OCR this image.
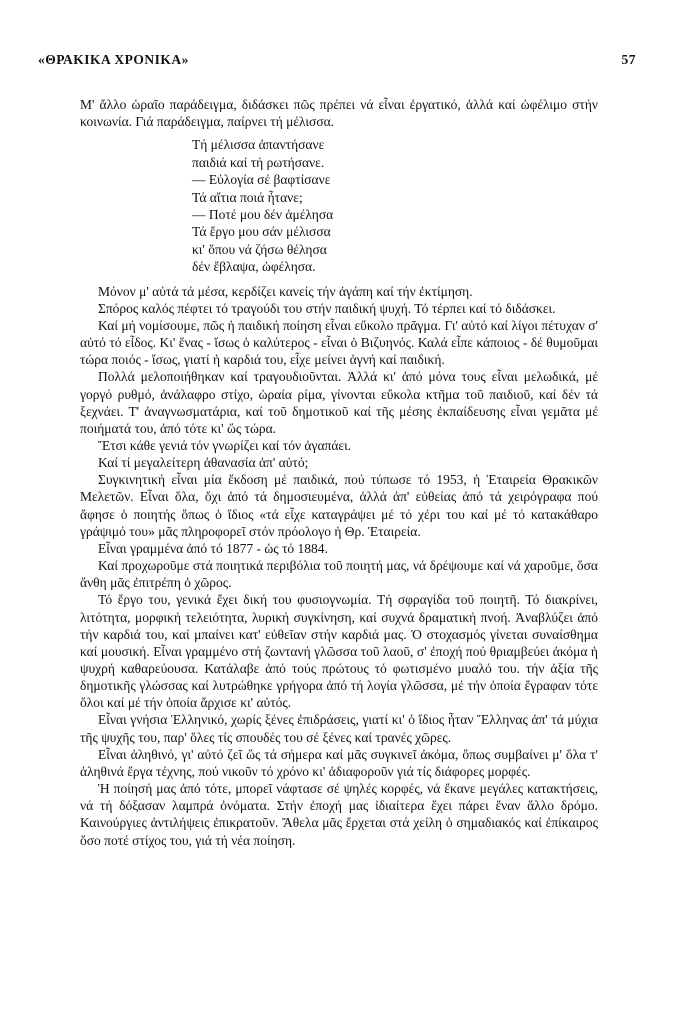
«ΘΡΑΚΙΚΑ ΧΡΟΝΙΚΑ»	57

Μ' ἄλλο ὡραῖο παράδειγμα, διδάσκει πῶς πρέπει νά εἶναι ἐργατικό, ἀλλά καί ὠφέλιμο στήν κοινωνία. Γιά παράδειγμα, παίρνει τή μέλισσα.

Τή μέλισσα ἀπαντήσανε
παιδιά καί τή ρωτήσανε.
— Εὐλογία σέ βαφτίσανε
Τά αἴτια ποιά ἦτανε;
— Ποτέ μου δέν ἀμέλησα
Τά ἔργο μου σάν μέλισσα
κι' ὅπου νά ζήσω θέλησα
δέν ἔβλαψα, ὠφέλησα.

Μόνον μ' αὐτά τά μέσα, κερδίζει κανείς τήν ἀγάπη καί τήν ἐκτίμηση.

Σπόρος καλός πέφτει τό τραγούδι του στήν παιδική ψυχή. Τό τέρπει καί τό διδάσκει.

Καί μή νομίσουμε, πῶς ἡ παιδική ποίηση εἶναι εὔκολο πρᾶγμα. Γι' αὐτό καί λίγοι πέτυχαν σ' αὐτό τό εἶδος. Κι' ἕνας - ἴσως ὁ καλύτερος - εἶναι ὁ Βιζυηνός. Καλά εἶπε κάποιος - δέ θυμοῦμαι τώρα ποιός - ἴσως, γιατί ἡ καρδιά του, εἶχε μείνει ἁγνή καί παιδική.

Πολλά μελοποιήθηκαν καί τραγουδιοῦνται. Ἀλλά κι' ἀπό μόνα τους εἶναι μελωδικά, μέ γοργό ρυθμό, ἀνάλαφρο στίχο, ὡραία ρίμα, γίνονται εὔκολα κτῆμα τοῦ παιδιοῦ, καί δέν τά ξεχνάει. Τ' ἀναγνωσματάρια, καί τοῦ δημοτικοῦ καί τῆς μέσης ἐκπαίδευσης εἶναι γεμᾶτα μέ ποιήματά του, ἀπό τότε κι' ὥς τώρα.

Ἔτσι κάθε γενιά τόν γνωρίζει καί τόν ἀγαπάει.

Καί τί μεγαλείτερη ἀθανασία ἀπ' αὐτό;

Συγκινητική εἶναι μία ἔκδοση μέ παιδικά, πού τύπωσε τό 1953, ἡ Ἑταιρεία Θρακικῶν Μελετῶν. Εἶναι ὅλα, ὄχι ἀπό τά δημοσιευμένα, ἀλλά ἀπ' εὐθείας ἀπό τά χειρόγραφα πού ἄφησε ὁ ποιητής ὅπως ὁ ἴδιος «τά εἶχε καταγράψει μέ τό χέρι του καί μέ τό κατακάθαρο γράψιμό του» μᾶς πληροφορεῖ στόν πρόολογο ἡ Θρ. Ἑταιρεία.

Εἶναι γραμμένα ἀπό τό 1877 - ὡς τό 1884.

Καί προχωροῦμε στά ποιητικά περιβόλια τοῦ ποιητή μας, νά δρέψουμε καί νά χαροῦμε, ὅσα ἄνθη μᾶς ἐπιτρέπη ὁ χῶρος.

Τό ἔργο του, γενικά ἔχει δική του φυσιογνωμία. Τή σφραγίδα τοῦ ποιητῆ. Τό διακρίνει, λιτότητα, μορφική τελειότητα, λυρική συγκίνηση, καί συχνά δραματική πνοή. Ἀναβλύζει ἀπό τήν καρδιά του, καί μπαίνει κατ' εὐθεῖαν στήν καρδιά μας. Ὁ στοχασμός γίνεται συναίσθημα καί μουσική. Εἶναι γραμμένο στή ζωντανή γλῶσσα τοῦ λαοῦ, σ' ἐποχή πού θριαμβεύει ἀκόμα ἡ ψυχρή καθαρεύουσα. Κατάλαβε ἀπό τούς πρώτους τό φωτισμένο μυαλό του. τήν ἀξία τῆς δημοτικῆς γλώσσας καί λυτρώθηκε γρήγορα ἀπό τή λογία γλῶσσα, μέ τήν ὁποία ἔγραφαν τότε ὅλοι καί μέ τήν ὁποία ἄρχισε κι' αὐτός.

Εἶναι γνήσια Ἑλληνικό, χωρίς ξένες ἐπιδράσεις, γιατί κι' ὁ ἴδιος ἦταν Ἕλληνας ἀπ' τά μύχια τῆς ψυχῆς του, παρ' ὅλες τίς σπουδές του σέ ξένες καί τρανές χῶρες.

Εἶναι ἀληθινό, γι' αὐτό ζεῖ ὥς τά σήμερα καί μᾶς συγκινεῖ ἀκόμα, ὅπως συμβαίνει μ' ὅλα τ' ἀληθινά ἔργα τέχνης, πού νικοῦν τό χρόνο κι' ἀδιαφοροῦν γιά τίς διάφορες μορφές.

Ἡ ποίησή μας ἀπό τότε, μπορεῖ νάφτασε σέ ψηλές κορφές, νά ἔκανε μεγάλες κατακτήσεις, νά τή δόξασαν λαμπρά ὀνόματα. Στήν ἐποχή μας ἰδιαίτερα ἔχει πάρει ἕναν ἄλλο δρόμο. Καινούργιες ἀντιλήψεις ἐπικρατοῦν. Ἄθελα μᾶς ἔρχεται στά χείλη ὁ σημαδιακός καί ἐπίκαιρος ὅσο ποτέ στίχος του, γιά τή νέα ποίηση.
